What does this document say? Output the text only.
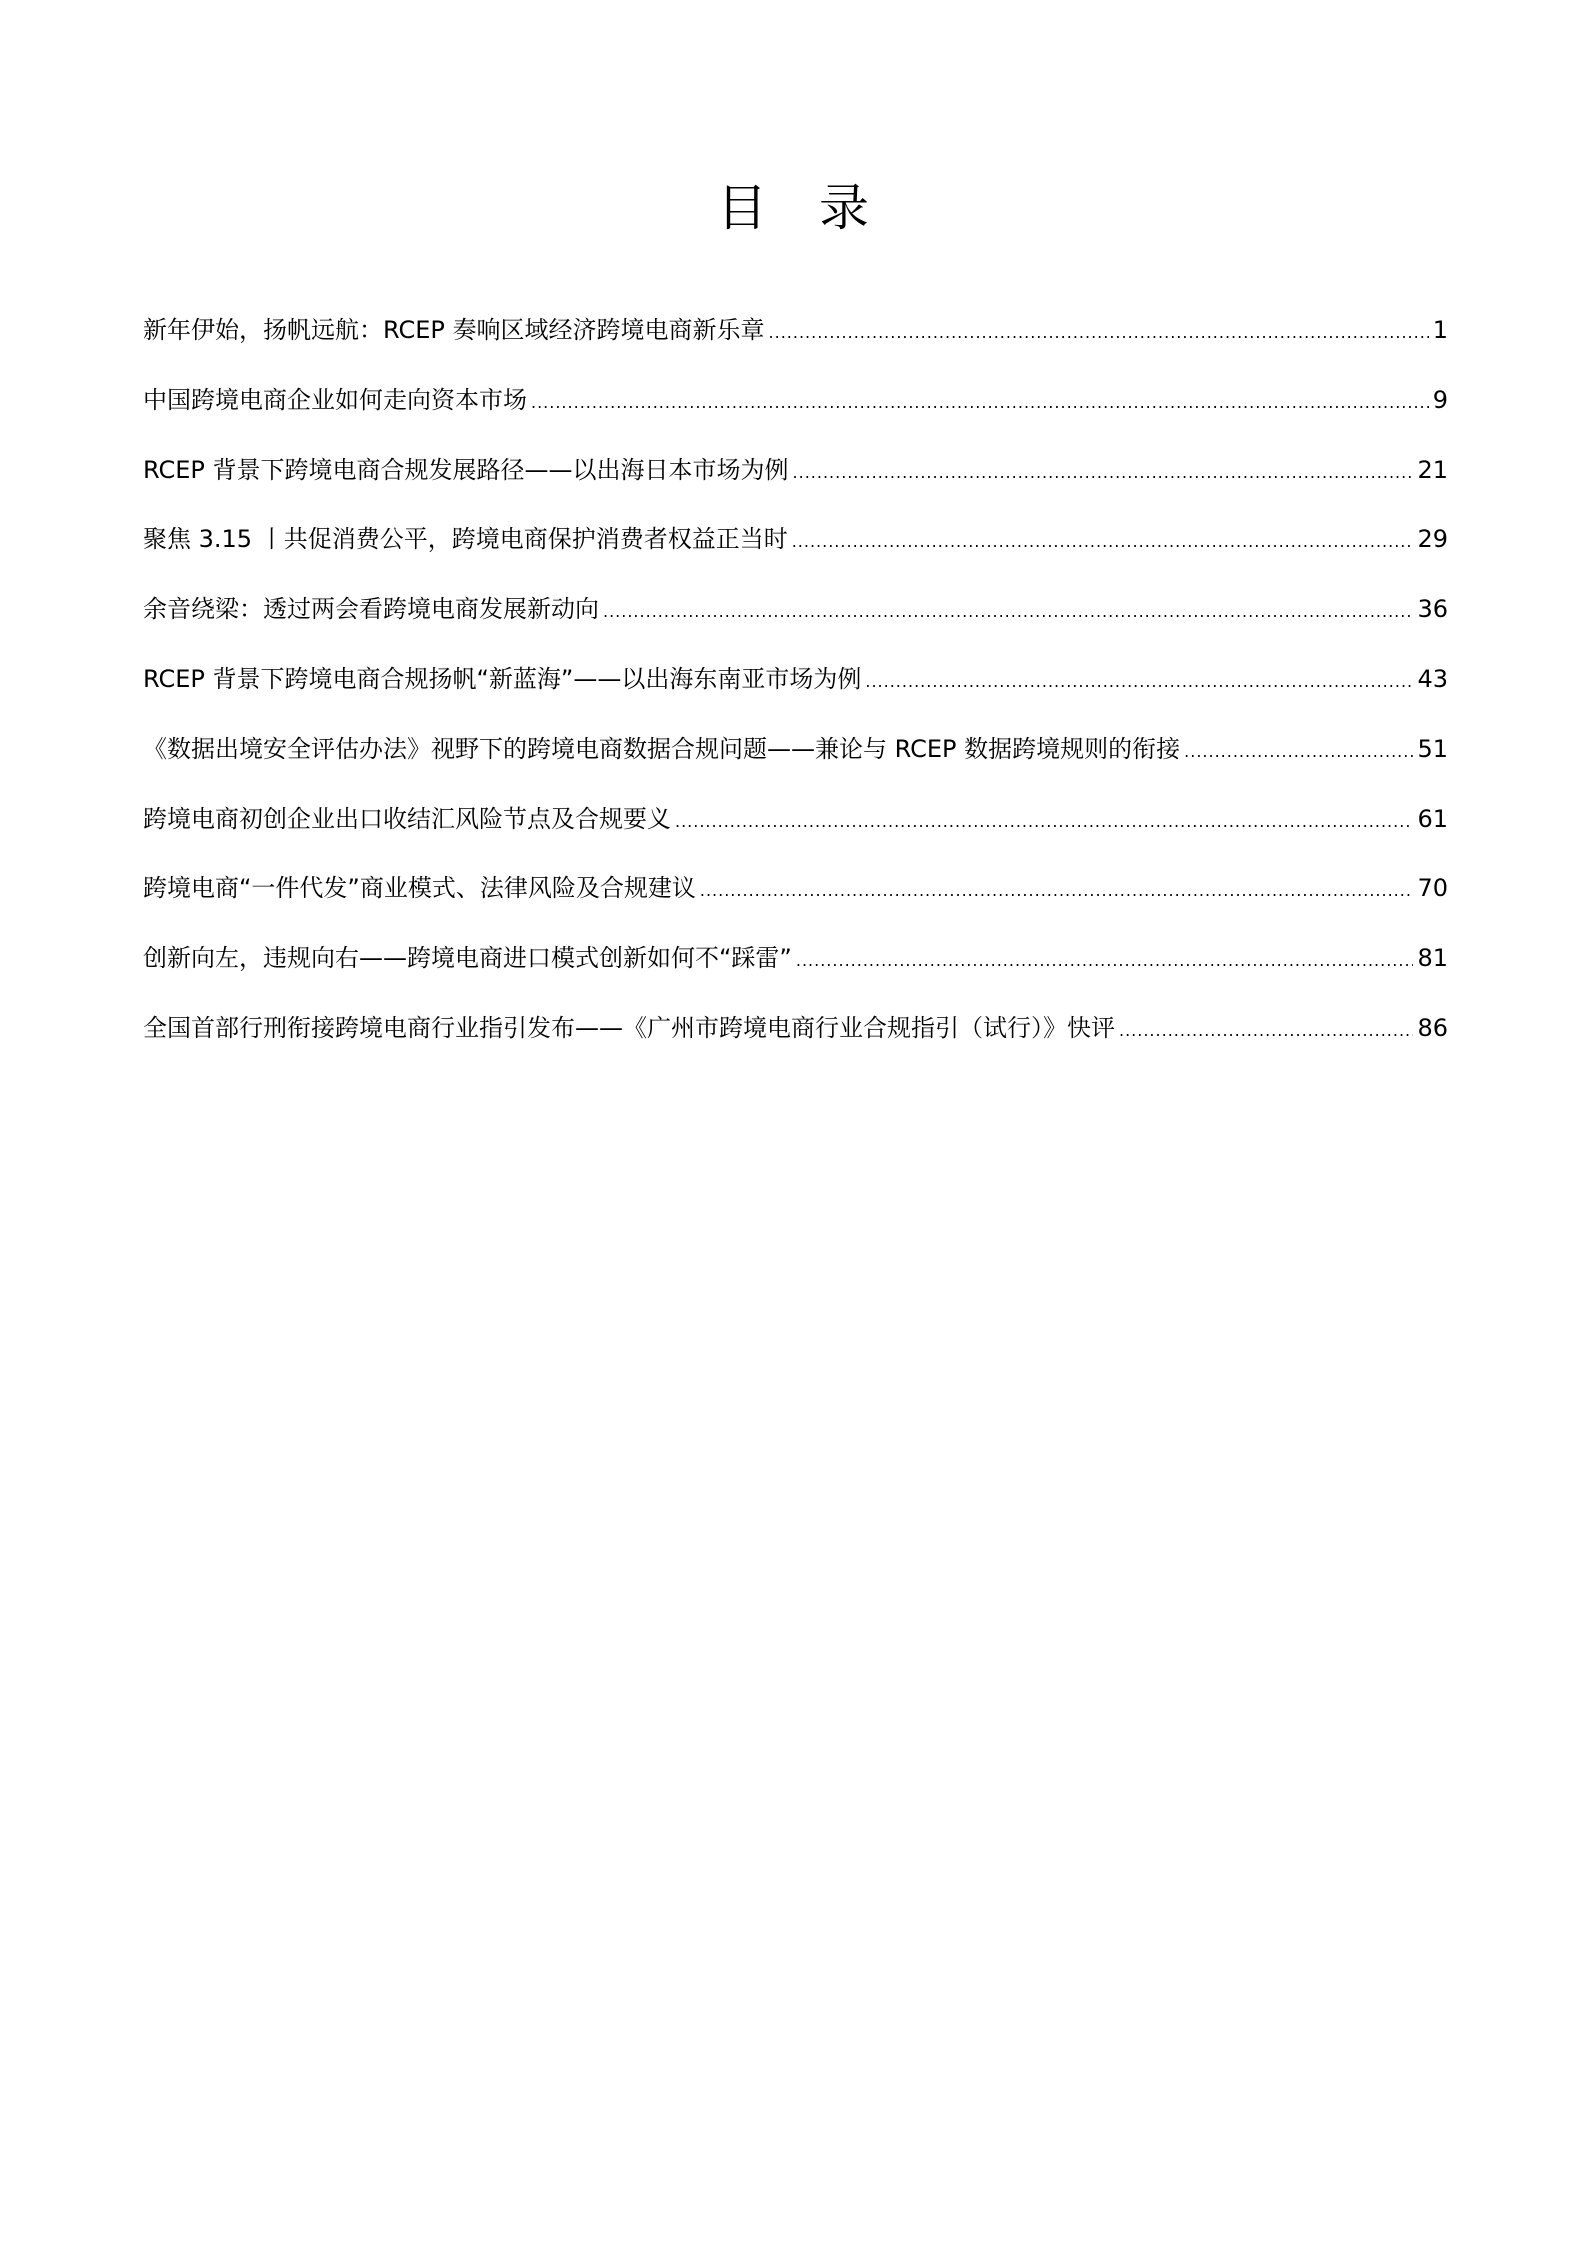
目 录
新年伊始，扬帆远航：RCEP 奏响区域经济跨境电商新乐章 .....	1
中国跨境电商企业如何走向资本市场 .....	9
RCEP 背景下跨境电商合规发展路径——以出海日本市场为例 .....	21
聚焦 3.15 丨共促消费公平，跨境电商保护消费者权益正当时 .....	29
余音绕梁：透过两会看跨境电商发展新动向 .....	36
RCEP 背景下跨境电商合规扬帆“新蓝海”——以出海东南亚市场为例 .....	43
《数据出境安全评估办法》视野下的跨境电商数据合规问题——兼论与 RCEP 数据跨境规则的衔接 .....	51
跨境电商初创企业出口收结汇风险节点及合规要义 .....	61
跨境电商“一件代发”商业模式、法律风险及合规建议 .....	70
创新向左，违规向右——跨境电商进口模式创新如何不“踩雷” .....	81
全国首部行刑衔接跨境电商行业指引发布——《广州市跨境电商行业合规指引（试行）》快评 .....	86
